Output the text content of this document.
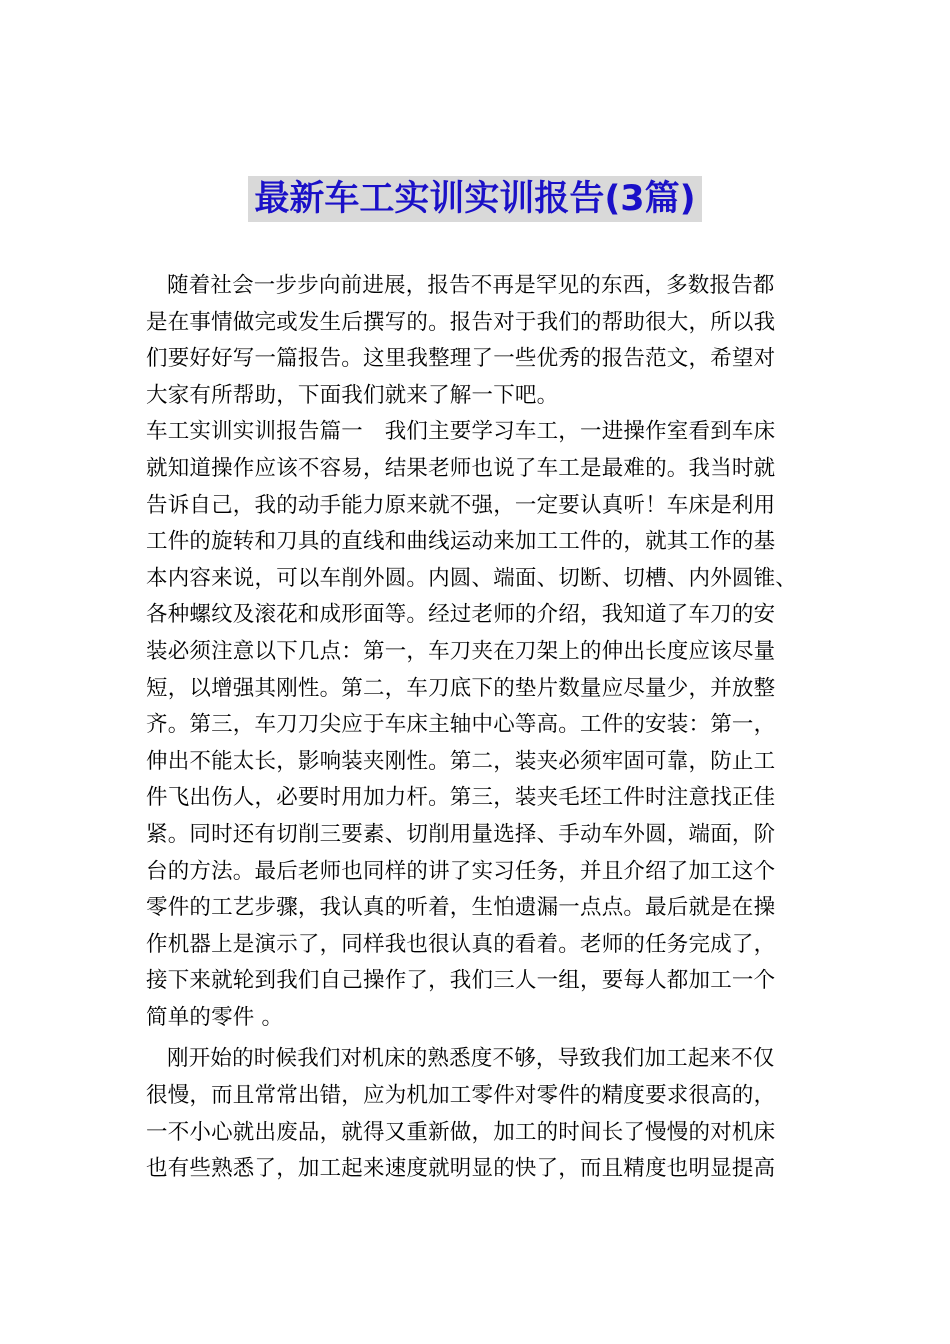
最新车工实训实训报告(3篇)
随着社会一步步向前进展，报告不再是罕见的东西，多数报告都
是在事情做完或发生后撰写的。报告对于我们的帮助很大，所以我
们要好好写一篇报告。这里我整理了一些优秀的报告范文，希望对
大家有所帮助，下面我们就来了解一下吧。
车工实训实训报告篇一　我们主要学习车工，一进操作室看到车床
就知道操作应该不容易，结果老师也说了车工是最难的。我当时就
告诉自己，我的动手能力原来就不强，一定要认真听！车床是利用
工件的旋转和刀具的直线和曲线运动来加工工件的，就其工作的基
本内容来说，可以车削外圆。内圆、端面、切断、切槽、内外圆锥、
各种螺纹及滚花和成形面等。经过老师的介绍，我知道了车刀的安
装必须注意以下几点：第一，车刀夹在刀架上的伸出长度应该尽量
短，以增强其刚性。第二，车刀底下的垫片数量应尽量少，并放整
齐。第三，车刀刀尖应于车床主轴中心等高。工件的安装：第一，
伸出不能太长，影响装夹刚性。第二，装夹必须牢固可靠，防止工
件飞出伤人，必要时用加力杆。第三，装夹毛坯工件时注意找正佳
紧。同时还有切削三要素、切削用量选择、手动车外圆，端面，阶
台的方法。最后老师也同样的讲了实习任务，并且介绍了加工这个
零件的工艺步骤，我认真的听着，生怕遗漏一点点。最后就是在操
作机器上是演示了，同样我也很认真的看着。老师的任务完成了，
接下来就轮到我们自己操作了，我们三人一组，要每人都加工一个
简单的零件 。
刚开始的时候我们对机床的熟悉度不够，导致我们加工起来不仅
很慢，而且常常出错，应为机加工零件对零件的精度要求很高的，
一不小心就出废品，就得又重新做，加工的时间长了慢慢的对机床
也有些熟悉了，加工起来速度就明显的快了，而且精度也明显提高
